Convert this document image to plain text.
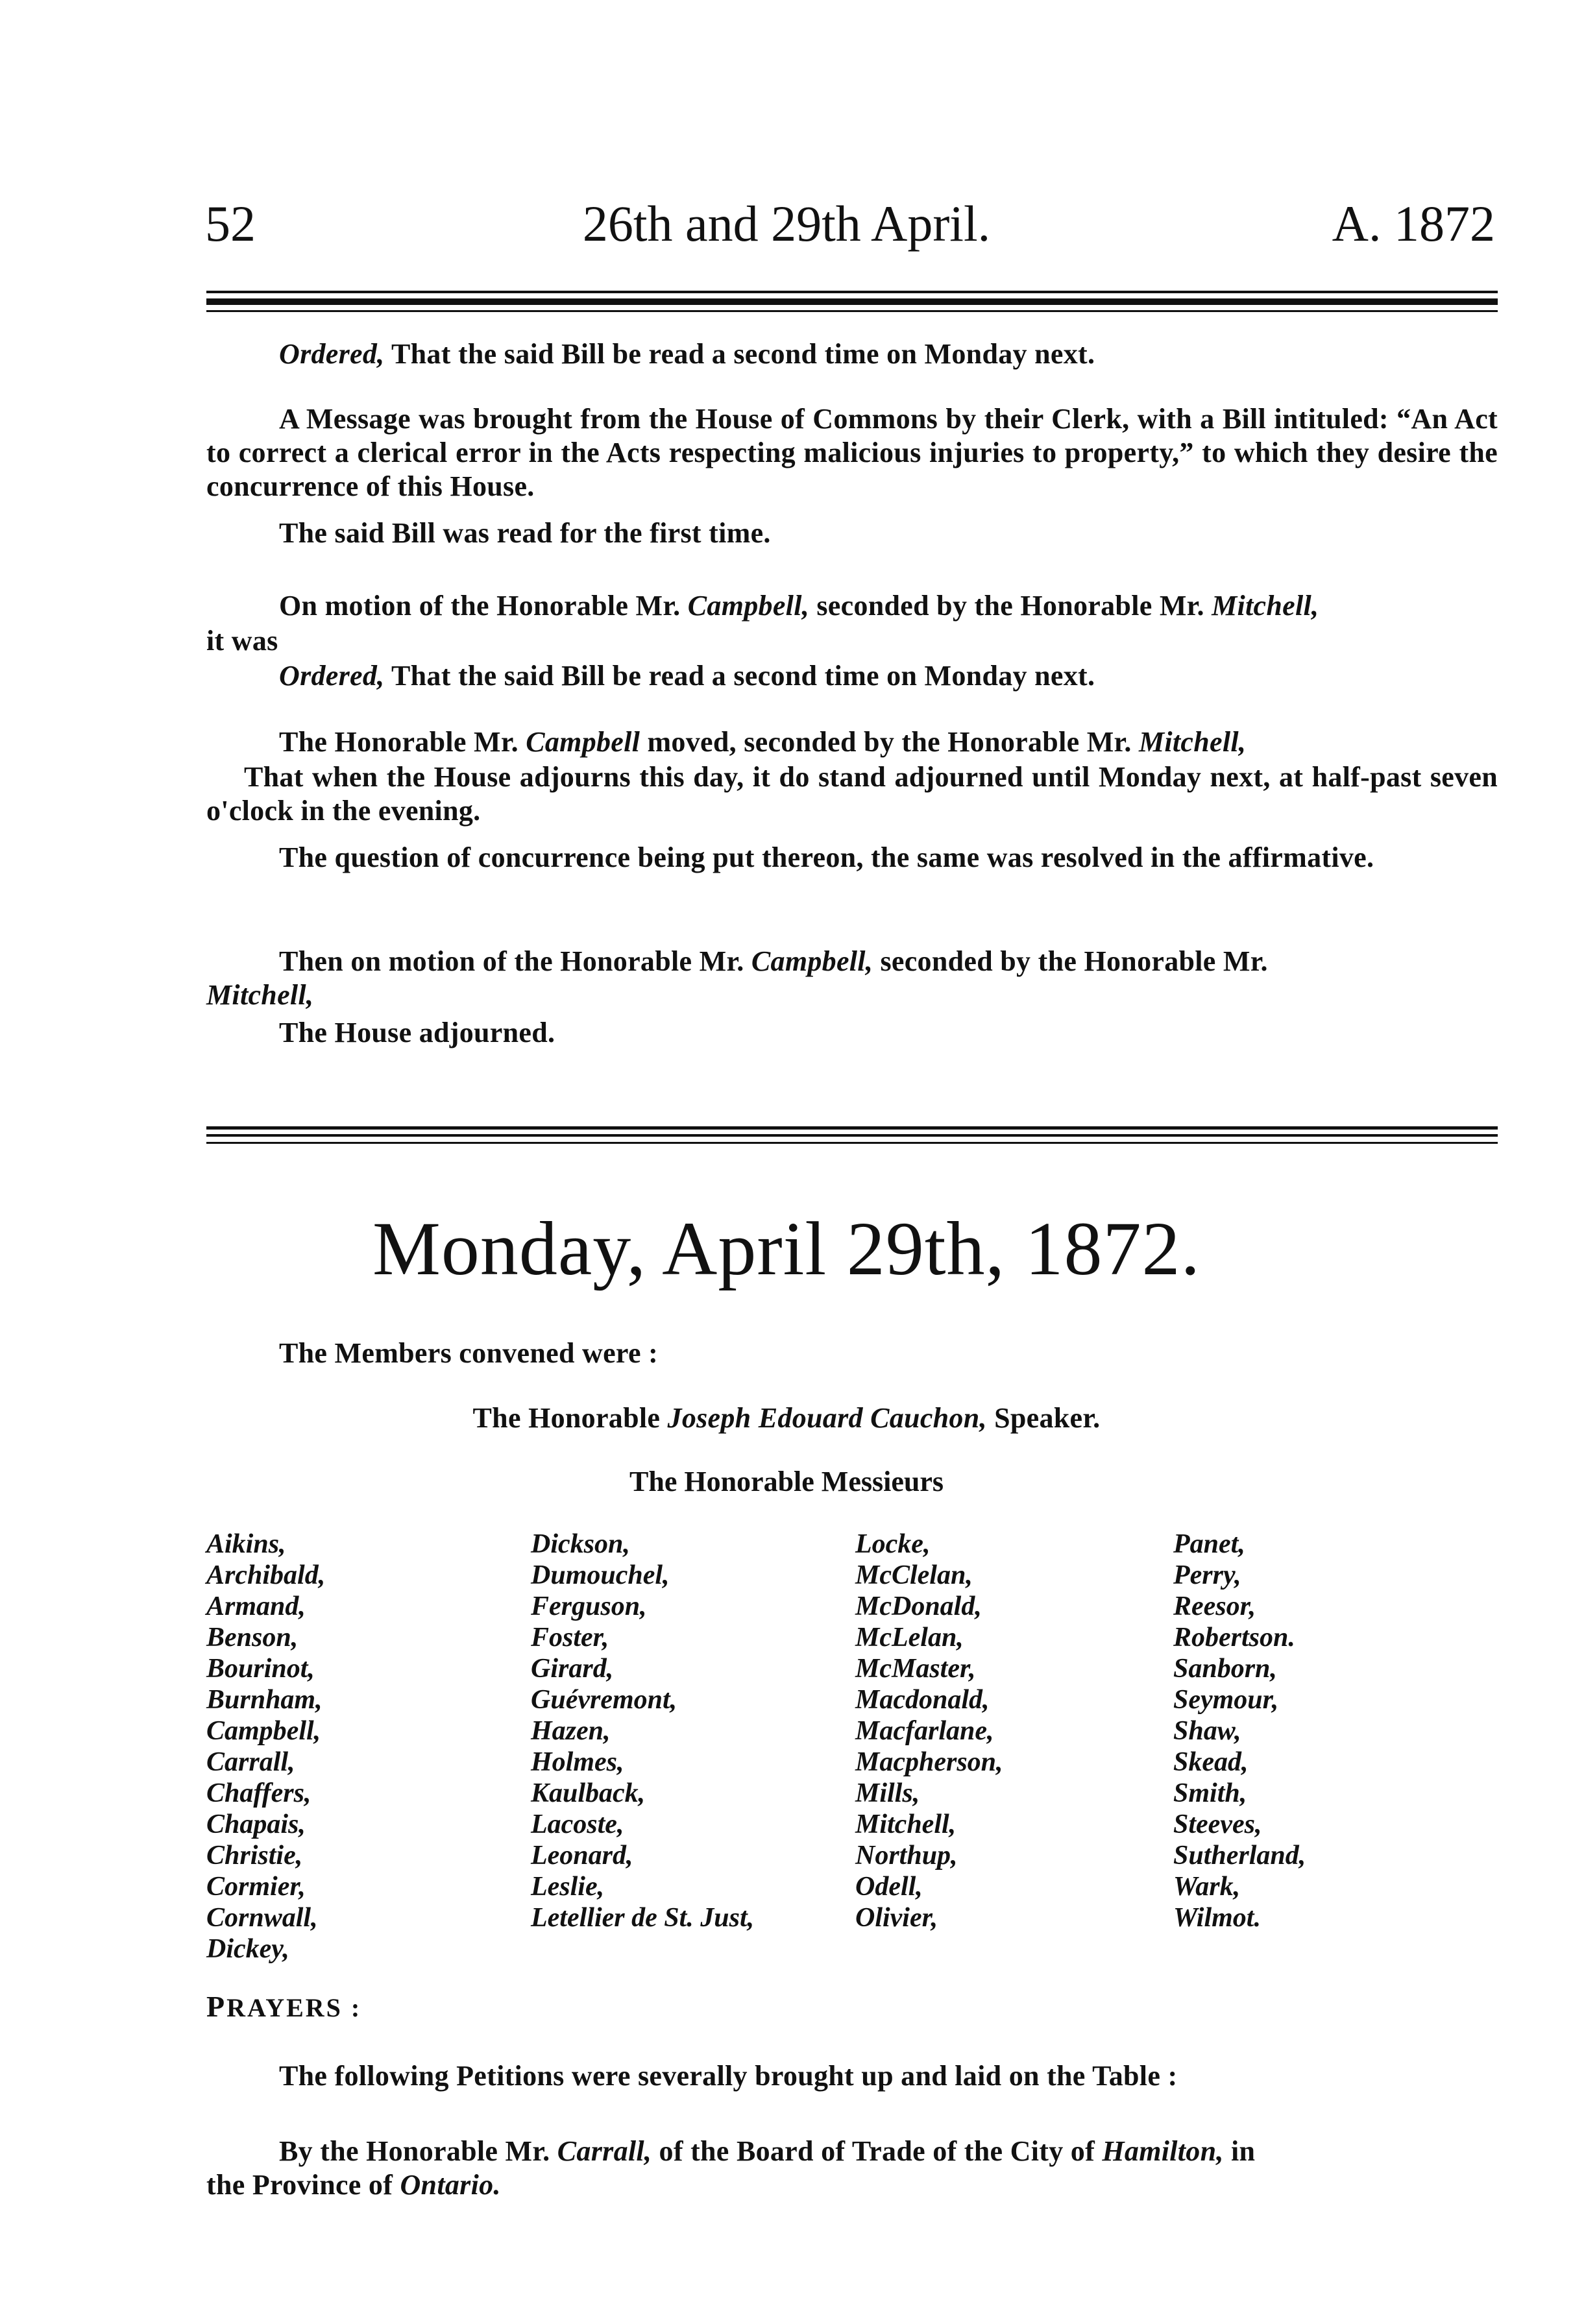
52	26th and 29th April.	A. 1872
Ordered, That the said Bill be read a second time on Monday next.
A Message was brought from the House of Commons by their Clerk, with a Bill intituled: “An Act to correct a clerical error in the Acts respecting malicious injuries to property,” to which they desire the concurrence of this House.
The said Bill was read for the first time.
On motion of the Honorable Mr. Campbell, seconded by the Honorable Mr. Mitchell,
it was
Ordered, That the said Bill be read a second time on Monday next.
The Honorable Mr. Campbell moved, seconded by the Honorable Mr. Mitchell,
That when the House adjourns this day, it do stand adjourned until Monday next, at half-past seven o'clock in the evening.
The question of concurrence being put thereon, the same was resolved in the affirmative.
Then on motion of the Honorable Mr. Campbell, seconded by the Honorable Mr.
Mitchell,
The House adjourned.
Monday, April 29th, 1872.
The Members convened were :
The Honorable Joseph Edouard Cauchon, Speaker.
The Honorable Messieurs
Aikins,
Archibald,
Armand,
Benson,
Bourinot,
Burnham,
Campbell,
Carrall,
Chaffers,
Chapais,
Christie,
Cormier,
Cornwall,
Dickey,
Dickson,
Dumouchel,
Ferguson,
Foster,
Girard,
Guévremont,
Hazen,
Holmes,
Kaulback,
Lacoste,
Leonard,
Leslie,
Letellier de St. Just,
Locke,
McClelan,
McDonald,
McLelan,
McMaster,
Macdonald,
Macfarlane,
Macpherson,
Mills,
Mitchell,
Northup,
Odell,
Olivier,
Panet,
Perry,
Reesor,
Robertson.
Sanborn,
Seymour,
Shaw,
Skead,
Smith,
Steeves,
Sutherland,
Wark,
Wilmot.
PRAYERS :
The following Petitions were severally brought up and laid on the Table :
By the Honorable Mr. Carrall, of the Board of Trade of the City of Hamilton, in
the Province of Ontario.
